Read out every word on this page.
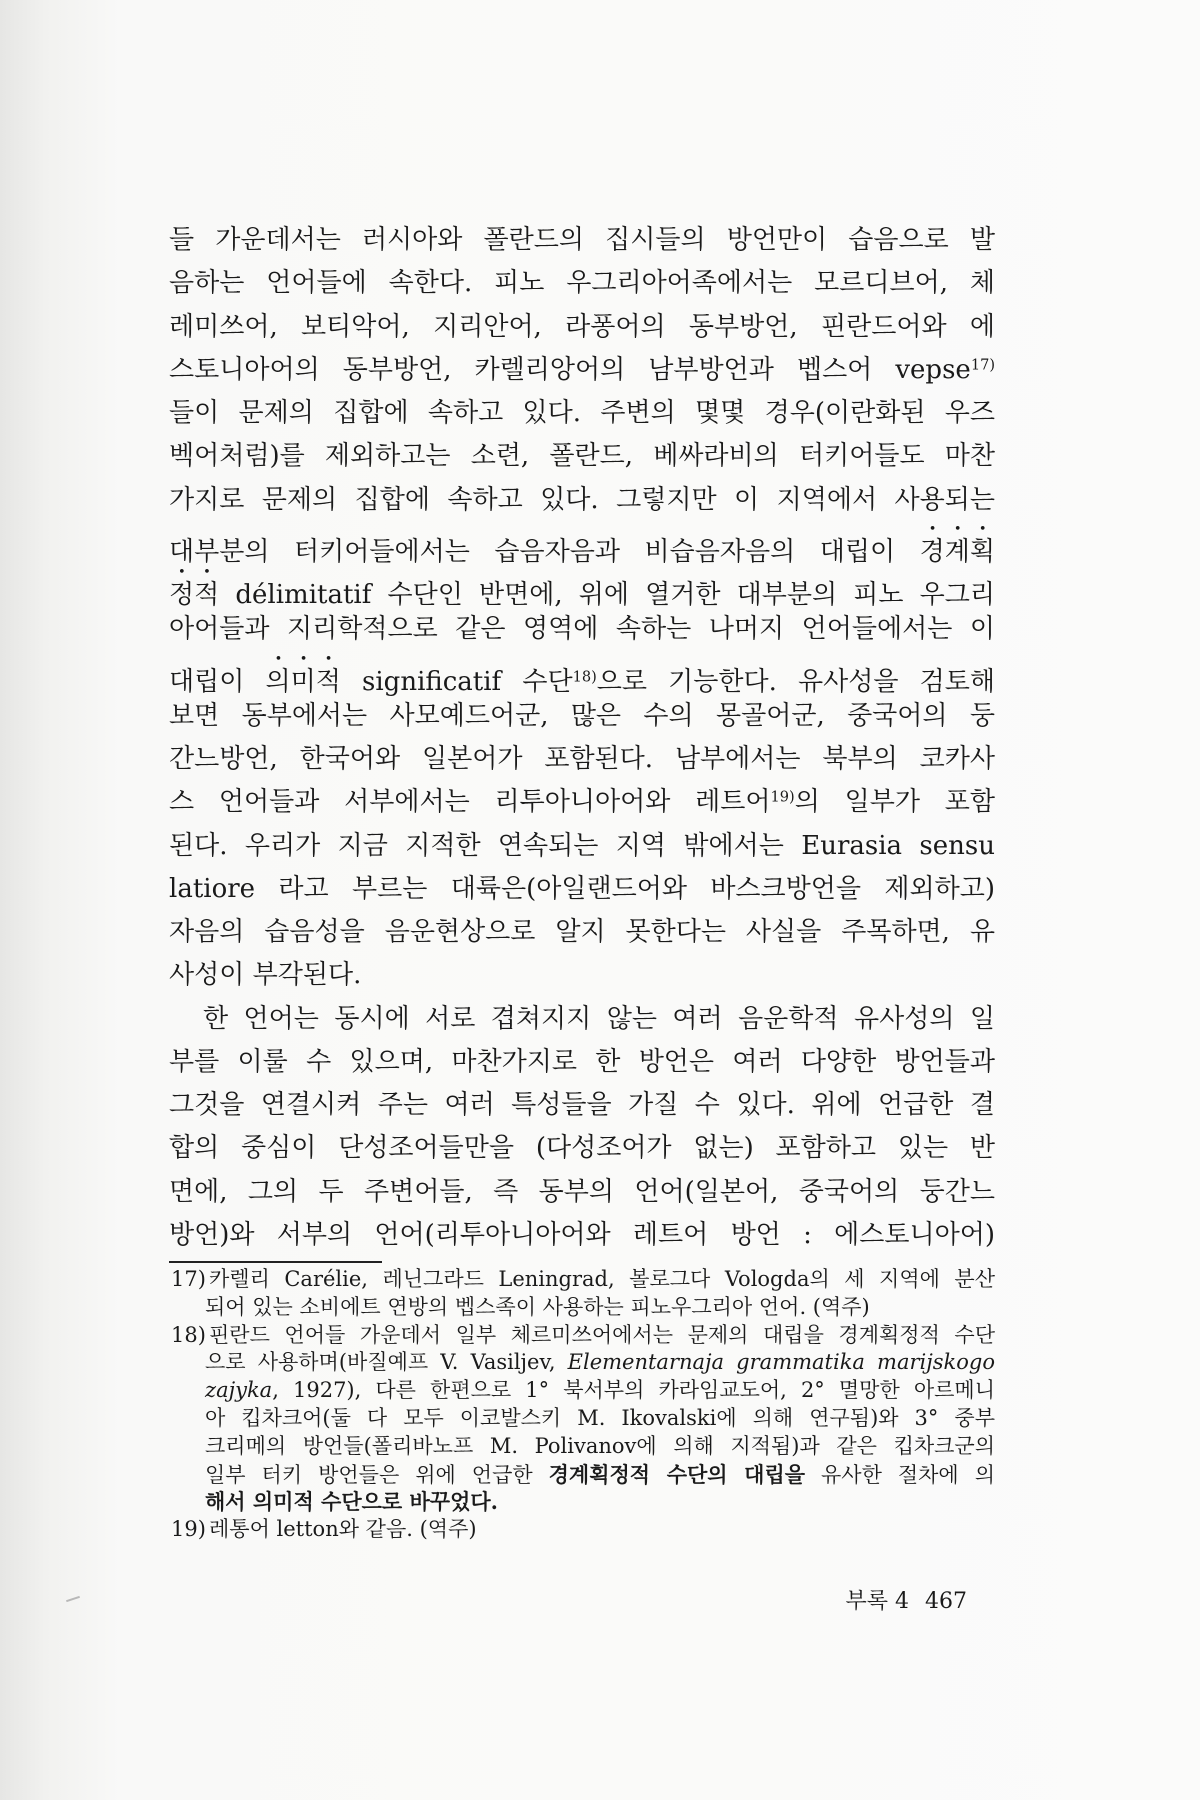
들 가운데서는 러시아와 폴란드의 집시들의 방언만이 습음으로 발
음하는 언어들에 속한다. 피노 우그리아어족에서는 모르디브어, 체
레미쓰어, 보티악어, 지리안어, 라퐁어의 동부방언, 핀란드어와 에
스토니아어의 동부방언, 카렐리앙어의 남부방언과 벱스어 vepse$^{17)}$
들이 문제의 집합에 속하고 있다. 주변의 몇몇 경우(이란화된 우즈
벡어처럼)를 제외하고는 소련, 폴란드, 베싸라비의 터키어들도 마찬
가지로 문제의 집합에 속하고 있다. 그렇지만 이 지역에서 사용되는
대부분의 터키어들에서는 습음자음과 비습음자음의 대립이 경계획
정적 délimitatif 수단인 반면에, 위에 열거한 대부분의 피노 우그리
아어들과 지리학적으로 같은 영역에 속하는 나머지 언어들에서는 이
대립이 의미적 significatif 수단$^{18)}$으로 기능한다. 유사성을 검토해
보면 동부에서는 사모예드어군, 많은 수의 몽골어군, 중국어의 둥
간느방언, 한국어와 일본어가 포함된다. 남부에서는 북부의 코카사
스 언어들과 서부에서는 리투아니아어와 레트어$^{19)}$의 일부가 포함
된다. 우리가 지금 지적한 연속되는 지역 밖에서는 Eurasia sensu
latiore 라고 부르는 대륙은(아일랜드어와 바스크방언을 제외하고)
자음의 습음성을 음운현상으로 알지 못한다는 사실을 주목하면, 유
사성이 부각된다.
한 언어는 동시에 서로 겹쳐지지 않는 여러 음운학적 유사성의 일
부를 이룰 수 있으며, 마찬가지로 한 방언은 여러 다양한 방언들과
그것을 연결시켜 주는 여러 특성들을 가질 수 있다. 위에 언급한 결
합의 중심이 단성조어들만을 (다성조어가 없는) 포함하고 있는 반
면에, 그의 두 주변어들, 즉 동부의 언어(일본어, 중국어의 둥간느
방언)와 서부의 언어(리투아니아어와 레트어 방언 : 에스토니아어)
17) 카렐리 Carélie, 레닌그라드 Leningrad, 볼로그다 Vologda의 세 지역에 분산
되어 있는 소비에트 연방의 벱스족이 사용하는 피노우그리아 언어. (역주)
18) 핀란드 언어들 가운데서 일부 체르미쓰어에서는 문제의 대립을 경계획정적 수단
으로 사용하며(바질예프 V. Vasiljev, Elementarnaja grammatika marijskogo
zajyka, 1927), 다른 한편으로 1° 북서부의 카라임교도어, 2° 멸망한 아르메니
아 킵차크어(둘 다 모두 이코발스키 M. Ikovalski에 의해 연구됨)와 3° 중부
크리메의 방언들(폴리바노프 M. Polivanov에 의해 지적됨)과 같은 킵차크군의
일부 터키 방언들은 위에 언급한 경계획정적 수단의 대립을 유사한 절차에 의
해서 의미적 수단으로 바꾸었다.
19) 레통어 letton와 같음. (역주)
부록 4 467
